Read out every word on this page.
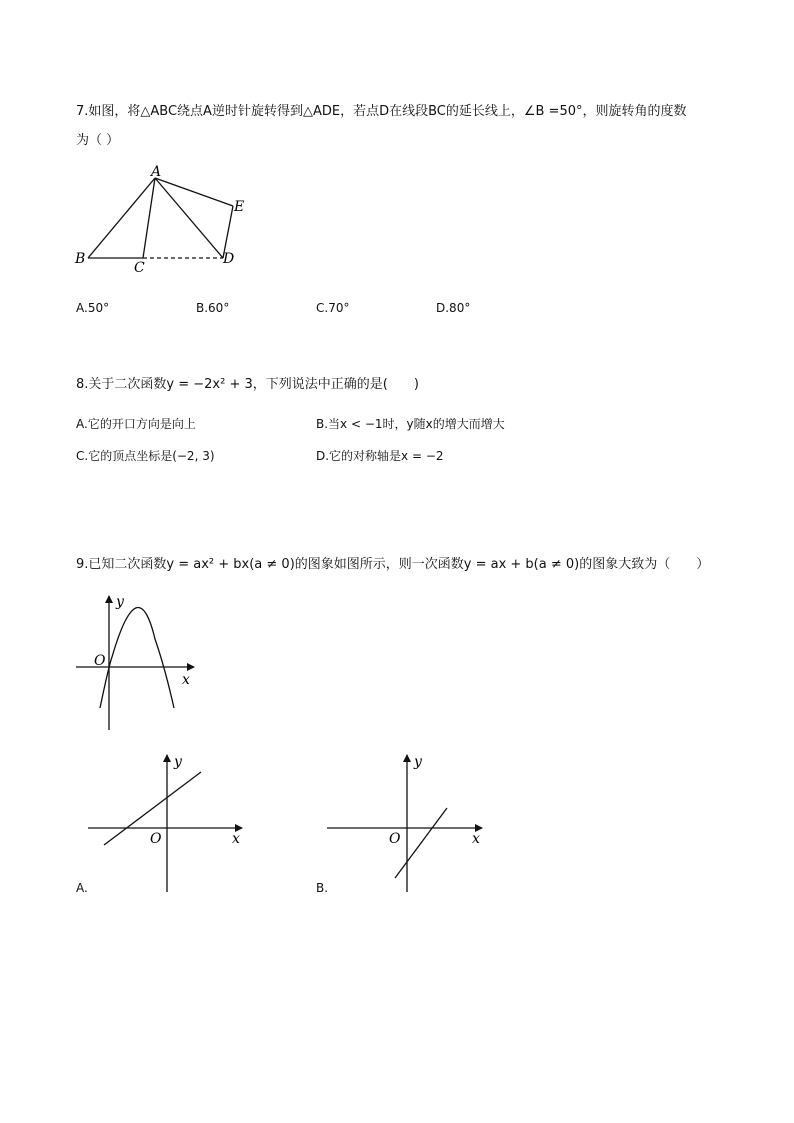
7.如图，将△ABC绕点A逆时针旋转得到△ADE，若点D在线段BC的延长线上，∠B =50°，则旋转角的度数
为（ ）
A
B
C
D
E
A.50°	B.60°	C.70°	D.80°
8.关于二次函数y = −2x² + 3，下列说法中正确的是(　　)
A.它的开口方向是向上	B.当x < −1时，y随x的增大而增大
C.它的顶点坐标是(−2, 3)	D.它的对称轴是x = −2
9.已知二次函数y = ax² + bx(a ≠ 0)的图象如图所示，则一次函数y = ax + b(a ≠ 0)的图象大致为（　　）
y
x
O
y
x
O
y
x
O
A.	B.
